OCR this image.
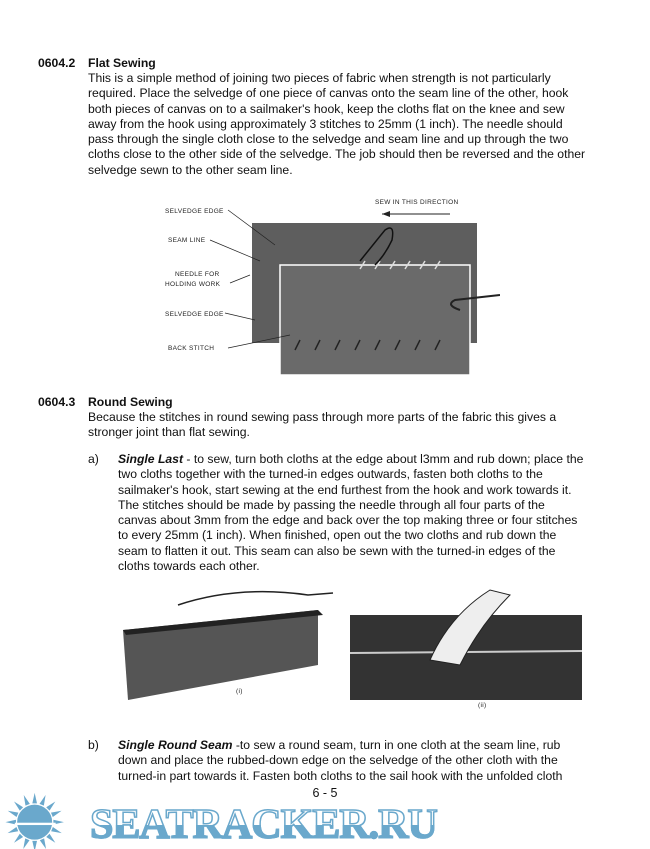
0604.2 Flat Sewing
This is a simple method of joining two pieces of fabric when strength is not particularly required. Place the selvedge of one piece of canvas onto the seam line of the other, hook both pieces of canvas on to a sailmaker's hook, keep the cloths flat on the knee and sew away from the hook using approximately 3 stitches to 25mm (1 inch). The needle should pass through the single cloth close to the selvedge and seam line and up through the two cloths close to the other side of the selvedge. The job should then be reversed and the other selvedge sewn to the other seam line.
SEW IN THIS DIRECTION
SELVEDGE EDGE
SEAM LINE
NEEDLE FOR
HOLDING WORK
SELVEDGE EDGE
BACK STITCH
0604.3 Round Sewing
Because the stitches in round sewing pass through more parts of the fabric this gives a stronger joint than flat sewing.
a) Single Last - to sew, turn both cloths at the edge about l3mm and rub down; place the two cloths together with the turned-in edges outwards, fasten both cloths to the sailmaker's hook, start sewing at the end furthest from the hook and work towards it. The stitches should be made by passing the needle through all four parts of the canvas about 3mm from the edge and back over the top making three or four stitches to every 25mm (1 inch). When finished, open out the two cloths and rub down the seam to flatten it out. This seam can also be sewn with the turned-in edges of the cloths towards each other.
(i)
(ii)
b) Single Round Seam -to sew a round seam, turn in one cloth at the seam line, rub down and place the rubbed-down edge on the selvedge of the other cloth with the turned-in part towards it. Fasten both cloths to the sail hook with the unfolded cloth
6 - 5
SEATRACKER.RU
